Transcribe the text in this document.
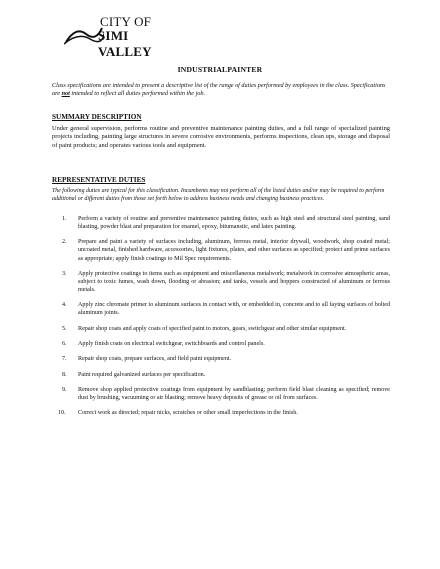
CITY OF
SIMI VALLEY
INDUSTRIALPAINTER
Class specifications are intended to present a descriptive list of the range of duties performed by employees in the class. Specifications are not intended to reflect all duties performed within the job.
SUMMARY DESCRIPTION
Under general supervision, performs routine and preventive maintenance painting duties, and a full range of specialized painting projects including, painting large structures in severe corrosive environments, performs inspections, clean ups, storage and disposal of paint products; and operates various tools and equipment.
REPRESENTATIVE DUTIES
The following duties are typical for this classification. Incumbents may not perform all of the listed duties and/or may be required to perform additional or different duties from those set forth below to address business needs and changing business practices.
1.	Perform a variety of routine and preventive maintenance painting duties, such as high steel and structural steel painting, sand blasting, powder blast and preparation for enamel, epoxy, bitumanstic, and latex painting.
2.	Prepare and paint a variety of surfaces including, aluminum, ferrous metal, interior drywall, woodwork, shop coated metal; uncoated metal, finished hardware, accessories, light fixtures, plates, and other surfaces as specified; protect and prime surfaces as appropriate; apply finish coatings to Mil Spec requirements.
3.	Apply protective coatings to items such as equipment and miscellaneous metalwork; metalwork in corrosive atmospheric areas, subject to toxic fumes, wash down, flooding or abrasion; and tanks, vessels and hoppers constructed of aluminum or ferrous metals.
4.	Apply zinc chromate primer to aluminum surfaces in contact with, or embedded in, concrete and to all faying surfaces of bolted aluminum joints.
5.	Repair shop coats and apply coats of specified paint to motors, gears, switchgear and other similar equipment.
6.	Apply finish coats on electrical switchgear, switchboards and control panels.
7.	Repair shop coats, prepare surfaces, and field paint equipment.
8.	Paint required galvanized surfaces per specification.
9.	Remove shop applied protective coatings from equipment by sandblasting; perform field blast cleaning as specified; remove dust by brushing, vacuuming or air blasting; remove heavy deposits of grease or oil from surfaces.
10.	Correct work as directed; repair nicks, scratches or other small imperfections in the finish.
